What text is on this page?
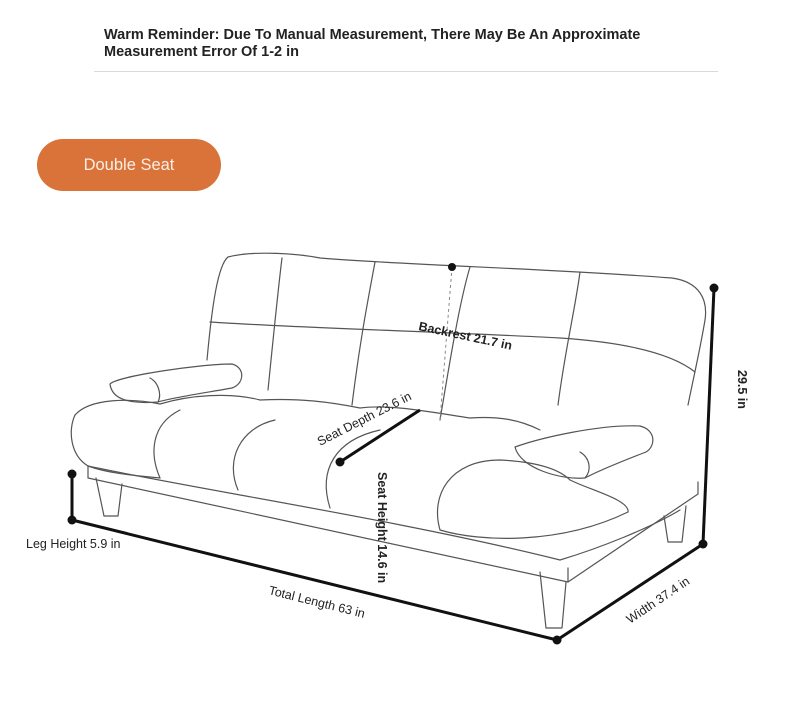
Warm Reminder: Due To Manual Measurement, There May Be An Approximate Measurement Error Of 1-2 in
Double Seat
Backrest 21.7 in
29.5 in
Seat Depth 23.6 in
Seat Height 14.6 in
Leg Height 5.9 in
Total Length 63 in	Width 37.4 in
